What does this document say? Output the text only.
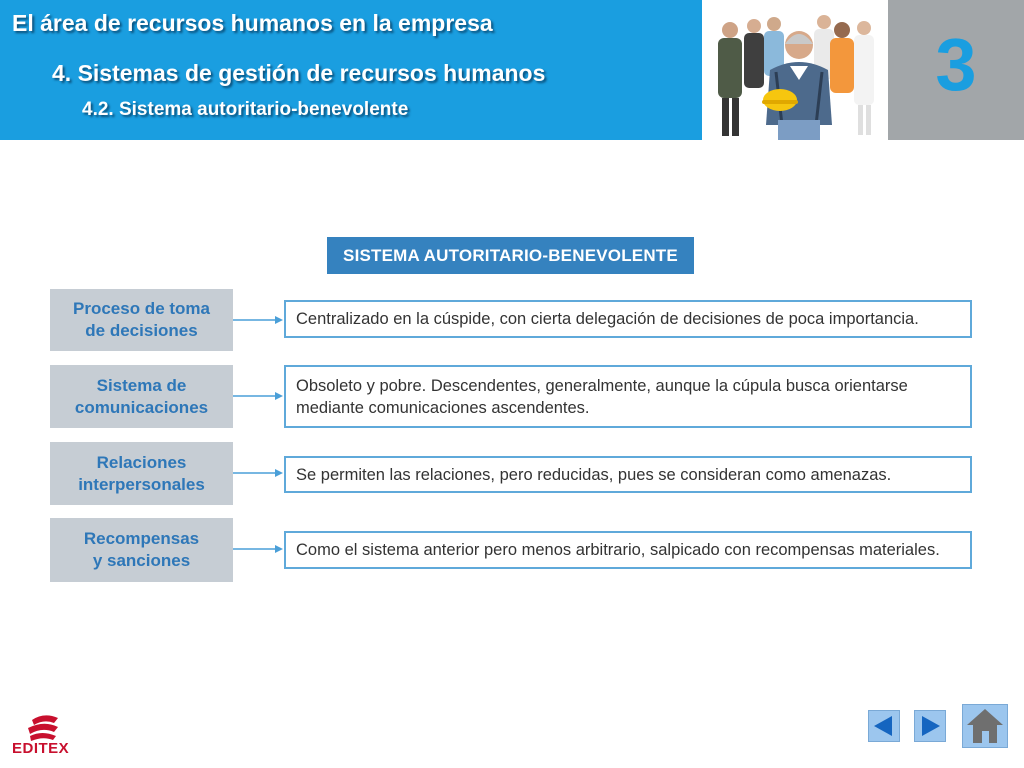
El área de recursos humanos en la empresa
4. Sistemas de gestión de recursos humanos
4.2. Sistema autoritario-benevolente
3
SISTEMA AUTORITARIO-BENEVOLENTE
Proceso de toma
de decisiones
Centralizado en la cúspide, con cierta delegación de decisiones de poca importancia.
Sistema de
comunicaciones
Obsoleto y pobre. Descendentes, generalmente, aunque la cúpula busca orientarse mediante comunicaciones ascendentes.
Relaciones
interpersonales	Se permiten las relaciones, pero reducidas, pues se consideran como amenazas.
Recompensas
y sanciones
Como el sistema anterior pero menos arbitrario, salpicado con recompensas materiales.
EDITEX
